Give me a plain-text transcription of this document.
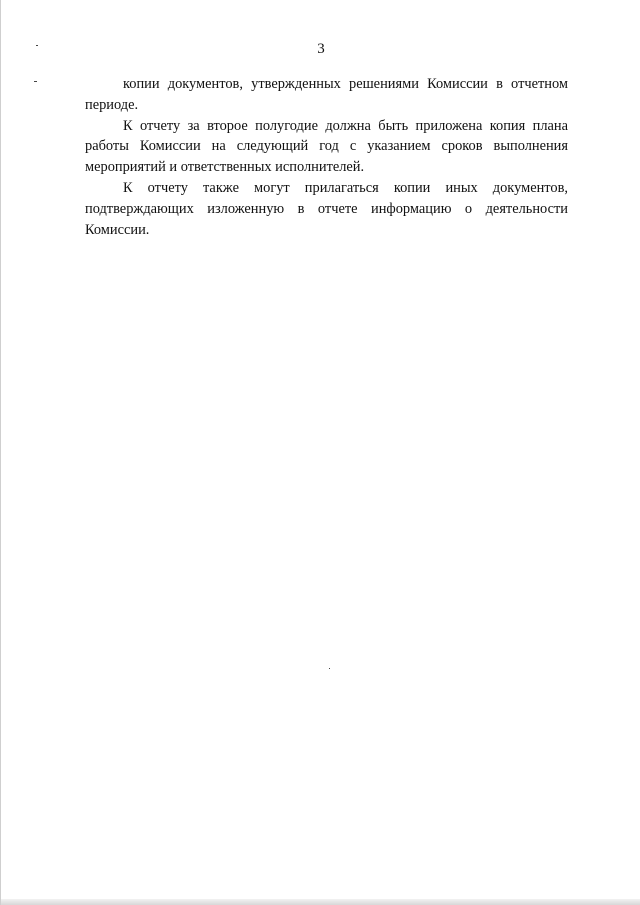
3

копии документов, утвержденных решениями Комиссии в отчетном периоде.

К отчету за второе полугодие должна быть приложена копия плана работы Комиссии на следующий год с указанием сроков выполнения мероприятий и ответственных исполнителей.

К отчету также могут прилагаться копии иных документов, подтверждающих изложенную в отчете информацию о деятельности Комиссии.
